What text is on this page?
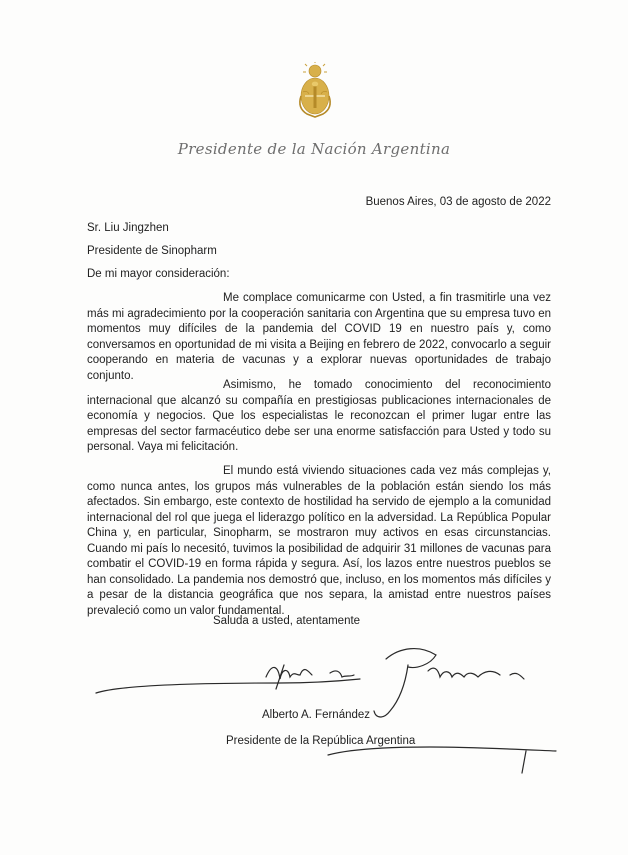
Presidente de la Nación Argentina
Buenos Aires, 03 de agosto de 2022
Sr. Liu Jingzhen
Presidente de Sinopharm
De mi mayor consideración:

Me complace comunicarme con Usted, a fin trasmitirle una vez más mi agradecimiento por la cooperación sanitaria con Argentina que su empresa tuvo en momentos muy difíciles de la pandemia del COVID 19 en nuestro país y, como conversamos en oportunidad de mi visita a Beijing en febrero de 2022, convocarlo a seguir cooperando en materia de vacunas y a explorar nuevas oportunidades de trabajo conjunto.

Asimismo, he tomado conocimiento del reconocimiento internacional que alcanzó su compañía en prestigiosas publicaciones internacionales de economía y negocios. Que los especialistas le reconozcan el primer lugar entre las empresas del sector farmacéutico debe ser una enorme satisfacción para Usted y todo su personal. Vaya mi felicitación.

El mundo está viviendo situaciones cada vez más complejas y, como nunca antes, los grupos más vulnerables de la población están siendo los más afectados. Sin embargo, este contexto de hostilidad ha servido de ejemplo a la comunidad internacional del rol que juega el liderazgo político en la adversidad. La República Popular China y, en particular, Sinopharm, se mostraron muy activos en esas circunstancias. Cuando mi país lo necesitó, tuvimos la posibilidad de adquirir 31 millones de vacunas para combatir el COVID-19 en forma rápida y segura. Así, los lazos entre nuestros pueblos se han consolidado. La pandemia nos demostró que, incluso, en los momentos más difíciles y a pesar de la distancia geográfica que nos separa, la amistad entre nuestros países prevaleció como un valor fundamental.

Saluda a usted, atentamente
Alberto A. Fernández
Presidente de la República Argentina
